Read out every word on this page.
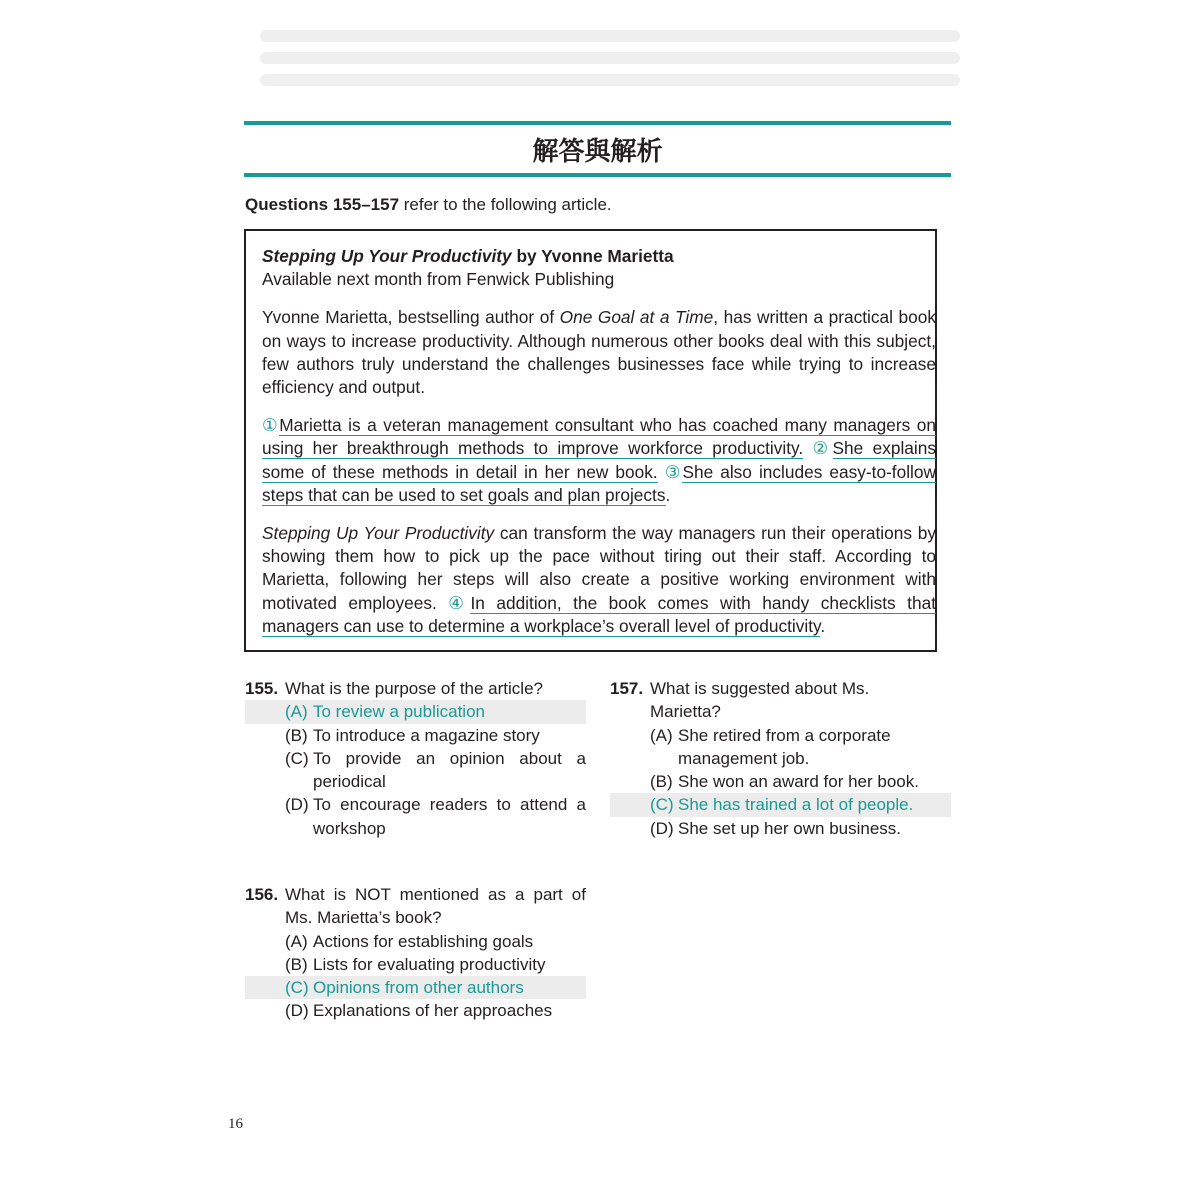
解答與解析
Questions 155–157 refer to the following article.

Stepping Up Your Productivity by Yvonne Marietta
Available next month from Fenwick Publishing

Yvonne Marietta, bestselling author of One Goal at a Time, has written a practical book on ways to increase productivity. Although numerous other books deal with this subject, few authors truly understand the challenges businesses face while trying to increase efficiency and output.

①Marietta is a veteran management consultant who has coached many managers on using her breakthrough methods to improve workforce productivity. ②She explains some of these methods in detail in her new book. ③She also includes easy-to-follow steps that can be used to set goals and plan projects.

Stepping Up Your Productivity can transform the way managers run their operations by showing them how to pick up the pace without tiring out their staff. According to Marietta, following her steps will also create a positive working environment with motivated employees. ④In addition, the book comes with handy checklists that managers can use to determine a workplace’s overall level of productivity.

155. What is the purpose of the article?
(A) To review a publication
(B) To introduce a magazine story
(C) To provide an opinion about a periodical
(D) To encourage readers to attend a workshop
156. What is NOT mentioned as a part of Ms. Marietta’s book?
(A) Actions for establishing goals
(B) Lists for evaluating productivity
(C) Opinions from other authors
(D) Explanations of her approaches
157. What is suggested about Ms. Marietta?
(A) She retired from a corporate management job.
(B) She won an award for her book.
(C) She has trained a lot of people.
(D) She set up her own business.
16
